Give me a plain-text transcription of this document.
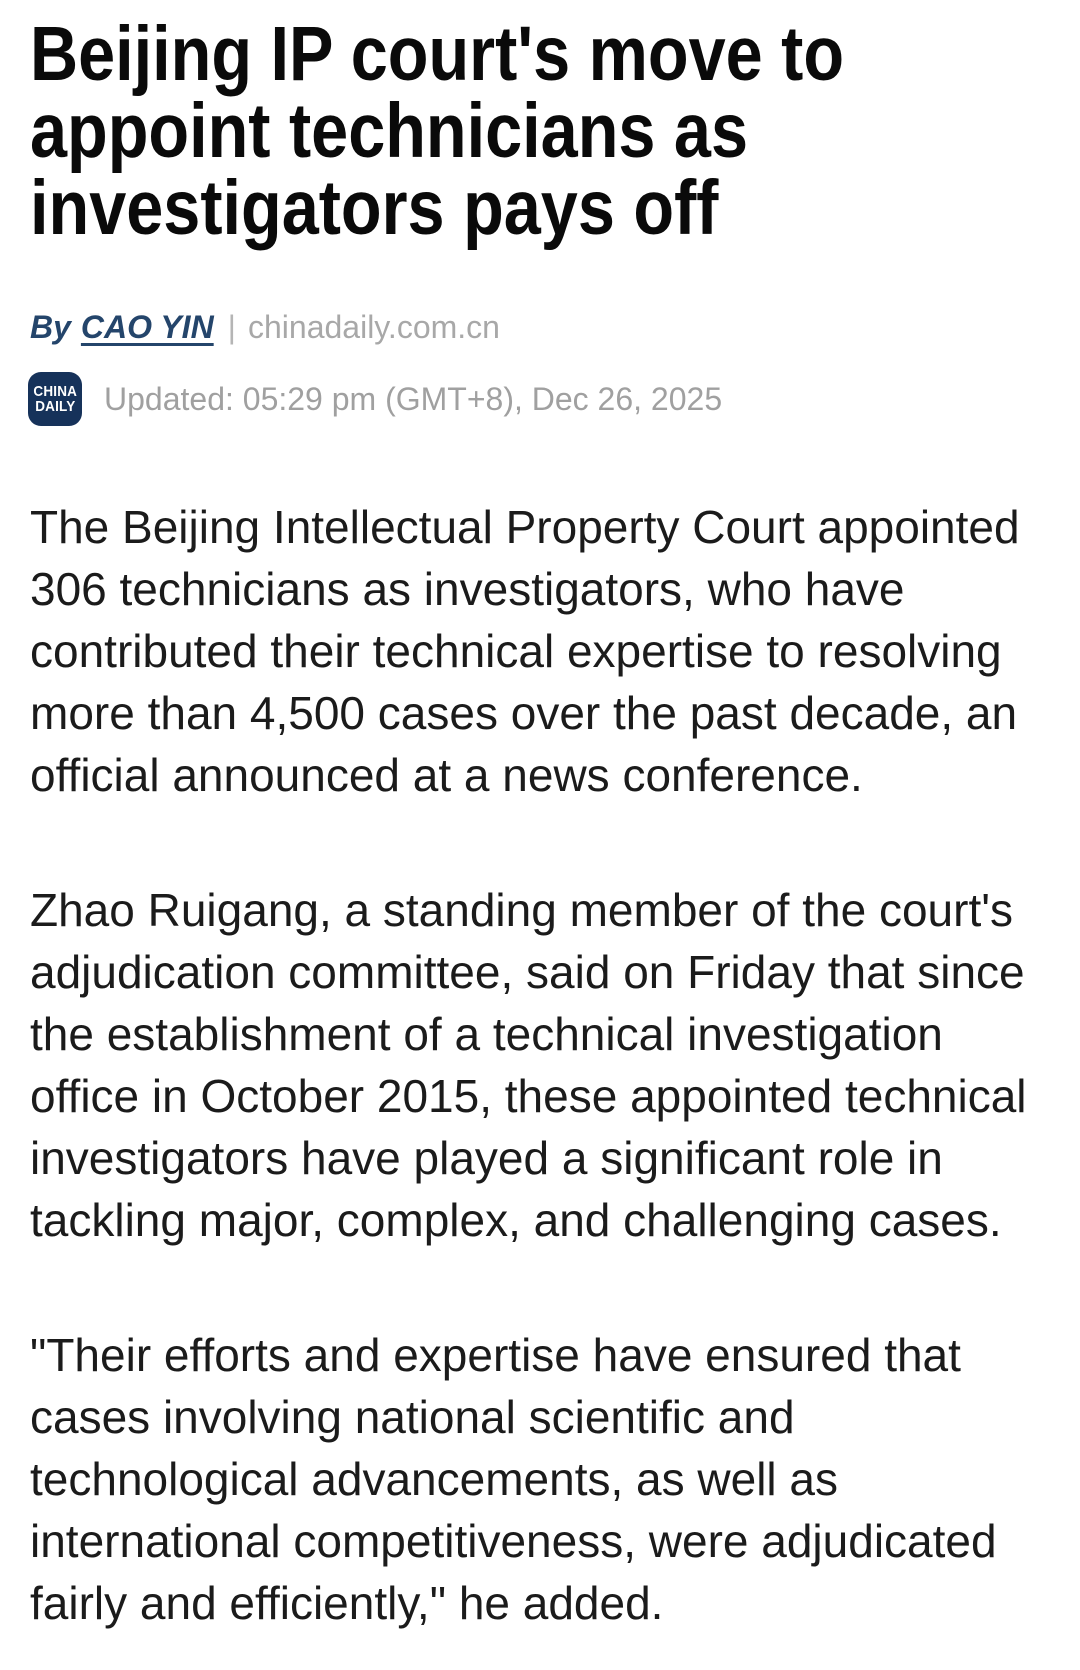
Beijing IP court's move to appoint technicians as investigators pays off
By CAO YIN | chinadaily.com.cn
CHINA
DAILY Updated: 05:29 pm (GMT+8), Dec 26, 2025

The Beijing Intellectual Property Court appointed 306 technicians as investigators, who have contributed their technical expertise to resolving more than 4,500 cases over the past decade, an official announced at a news conference.

Zhao Ruigang, a standing member of the court's adjudication committee, said on Friday that since the establishment of a technical investigation office in October 2015, these appointed technical investigators have played a significant role in tackling major, complex, and challenging cases.

"Their efforts and expertise have ensured that cases involving national scientific and technological advancements, as well as international competitiveness, were adjudicated fairly and efficiently," he added.
